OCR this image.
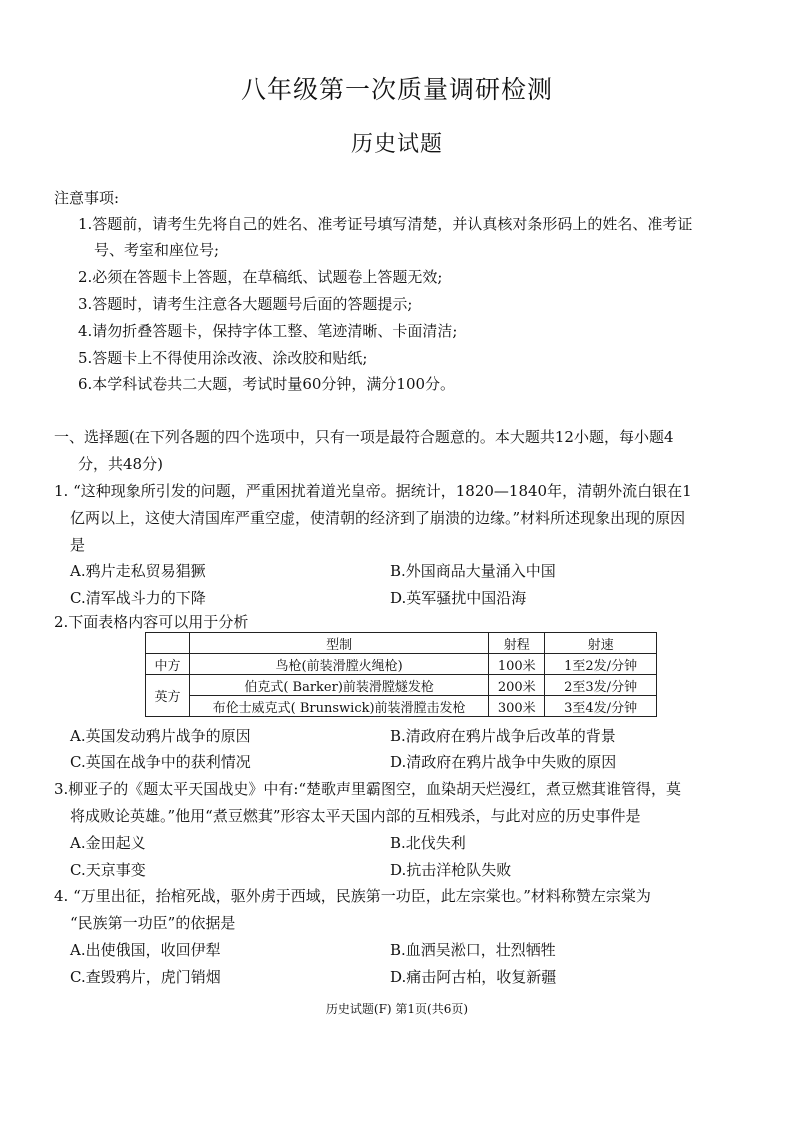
八年级第一次质量调研检测
历史试题
注意事项:
1.答题前，请考生先将自己的姓名、准考证号填写清楚，并认真核对条形码上的姓名、准考证
号、考室和座位号;
2.必须在答题卡上答题，在草稿纸、试题卷上答题无效;
3.答题时，请考生注意各大题题号后面的答题提示;
4.请勿折叠答题卡，保持字体工整、笔迹清晰、卡面清洁;
5.答题卡上不得使用涂改液、涂改胶和贴纸;
6.本学科试卷共二大题，考试时量60分钟，满分100分。
一、选择题(在下列各题的四个选项中，只有一项是最符合题意的。本大题共12小题，每小题4
分，共48分)
1. “这种现象所引发的问题，严重困扰着道光皇帝。据统计，1820—1840年，清朝外流白银在1
亿两以上，这使大清国库严重空虚，使清朝的经济到了崩溃的边缘。”材料所述现象出现的原因
是
A.鸦片走私贸易猖獗	B.外国商品大量涌入中国
C.清军战斗力的下降	D.英军骚扰中国沿海
2.下面表格内容可以用于分析
	型制	射程	射速
中方	鸟枪(前装滑膛火绳枪)	100米	1至2发/分钟
英方	伯克式( Barker)前装滑膛燧发枪	200米	2至3发/分钟
	布伦士威克式( Brunswick)前装滑膛击发枪	300米	3至4发/分钟
A.英国发动鸦片战争的原因	B.清政府在鸦片战争后改革的背景
C.英国在战争中的获利情况	D.清政府在鸦片战争中失败的原因
3.柳亚子的《题太平天国战史》中有:“楚歌声里霸图空，血染胡天烂漫红，煮豆燃萁谁管得，莫
将成败论英雄。”他用“煮豆燃萁”形容太平天国内部的互相残杀，与此对应的历史事件是
A.金田起义	B.北伐失利
C.天京事变	D.抗击洋枪队失败
4. “万里出征，抬棺死战，驱外虏于西域，民族第一功臣，此左宗棠也。”材料称赞左宗棠为
“民族第一功臣”的依据是
A.出使俄国，收回伊犁	B.血洒吴淞口，壮烈牺牲
C.查毁鸦片，虎门销烟	D.痛击阿古柏，收复新疆
历史试题(F) 第1页(共6页)
